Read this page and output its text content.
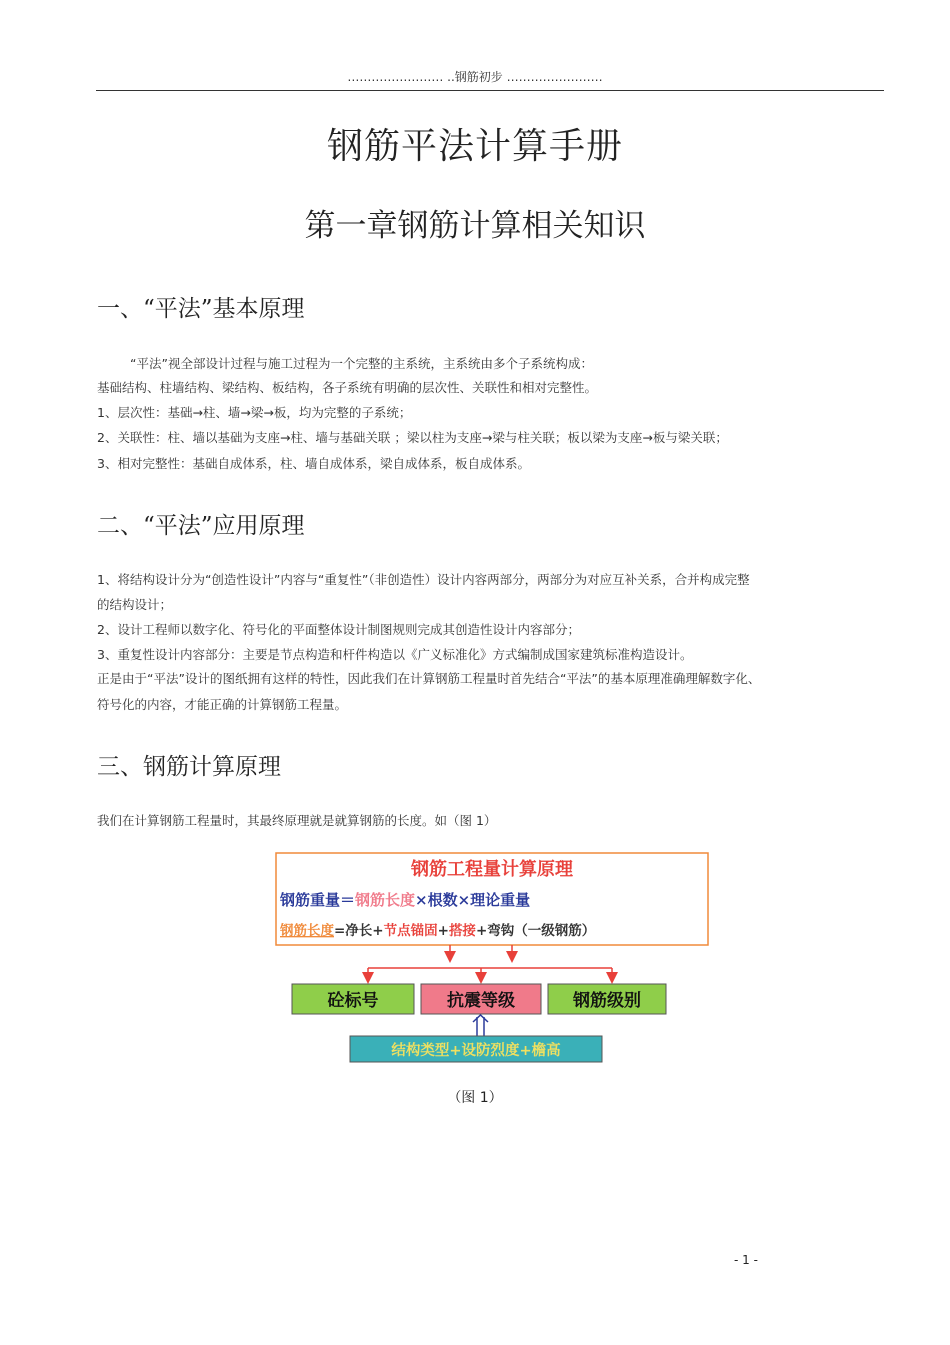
…………………… ..钢筋初步 ……………………
钢筋平法计算手册
第一章钢筋计算相关知识
一、“平法”基本原理
“平法”视全部设计过程与施工过程为一个完整的主系统，主系统由多个子系统构成：
基础结构、柱墙结构、梁结构、板结构，各子系统有明确的层次性、关联性和相对完整性。
1、层次性：基础→柱、墙→梁→板，均为完整的子系统；
2、关联性：柱、墙以基础为支座→柱、墙与基础关联 ；梁以柱为支座→梁与柱关联；板以梁为支座→板与梁关联；
3、相对完整性：基础自成体系，柱、墙自成体系，梁自成体系，板自成体系。
二、“平法”应用原理
1、将结构设计分为“创造性设计”内容与“重复性”（非创造性）设计内容两部分，两部分为对应互补关系，合并构成完整
的结构设计；
2、设计工程师以数字化、符号化的平面整体设计制图规则完成其创造性设计内容部分；
3、重复性设计内容部分：主要是节点构造和杆件构造以《广义标准化》方式编制成国家建筑标准构造设计。
正是由于“平法”设计的图纸拥有这样的特性，因此我们在计算钢筋工程量时首先结合“平法”的基本原理准确理解数字化、
符号化的内容，才能正确的计算钢筋工程量。
三、钢筋计算原理
我们在计算钢筋工程量时，其最终原理就是就算钢筋的长度。如（图 1）
钢筋工程量计算原理
钢筋重量＝钢筋长度×根数×理论重量
钢筋长度=净长+节点锚固+搭接+弯钩（一级钢筋）
砼标号	抗震等级	钢筋级别
结构类型+设防烈度+檐高
（图 1）
- 1 -
